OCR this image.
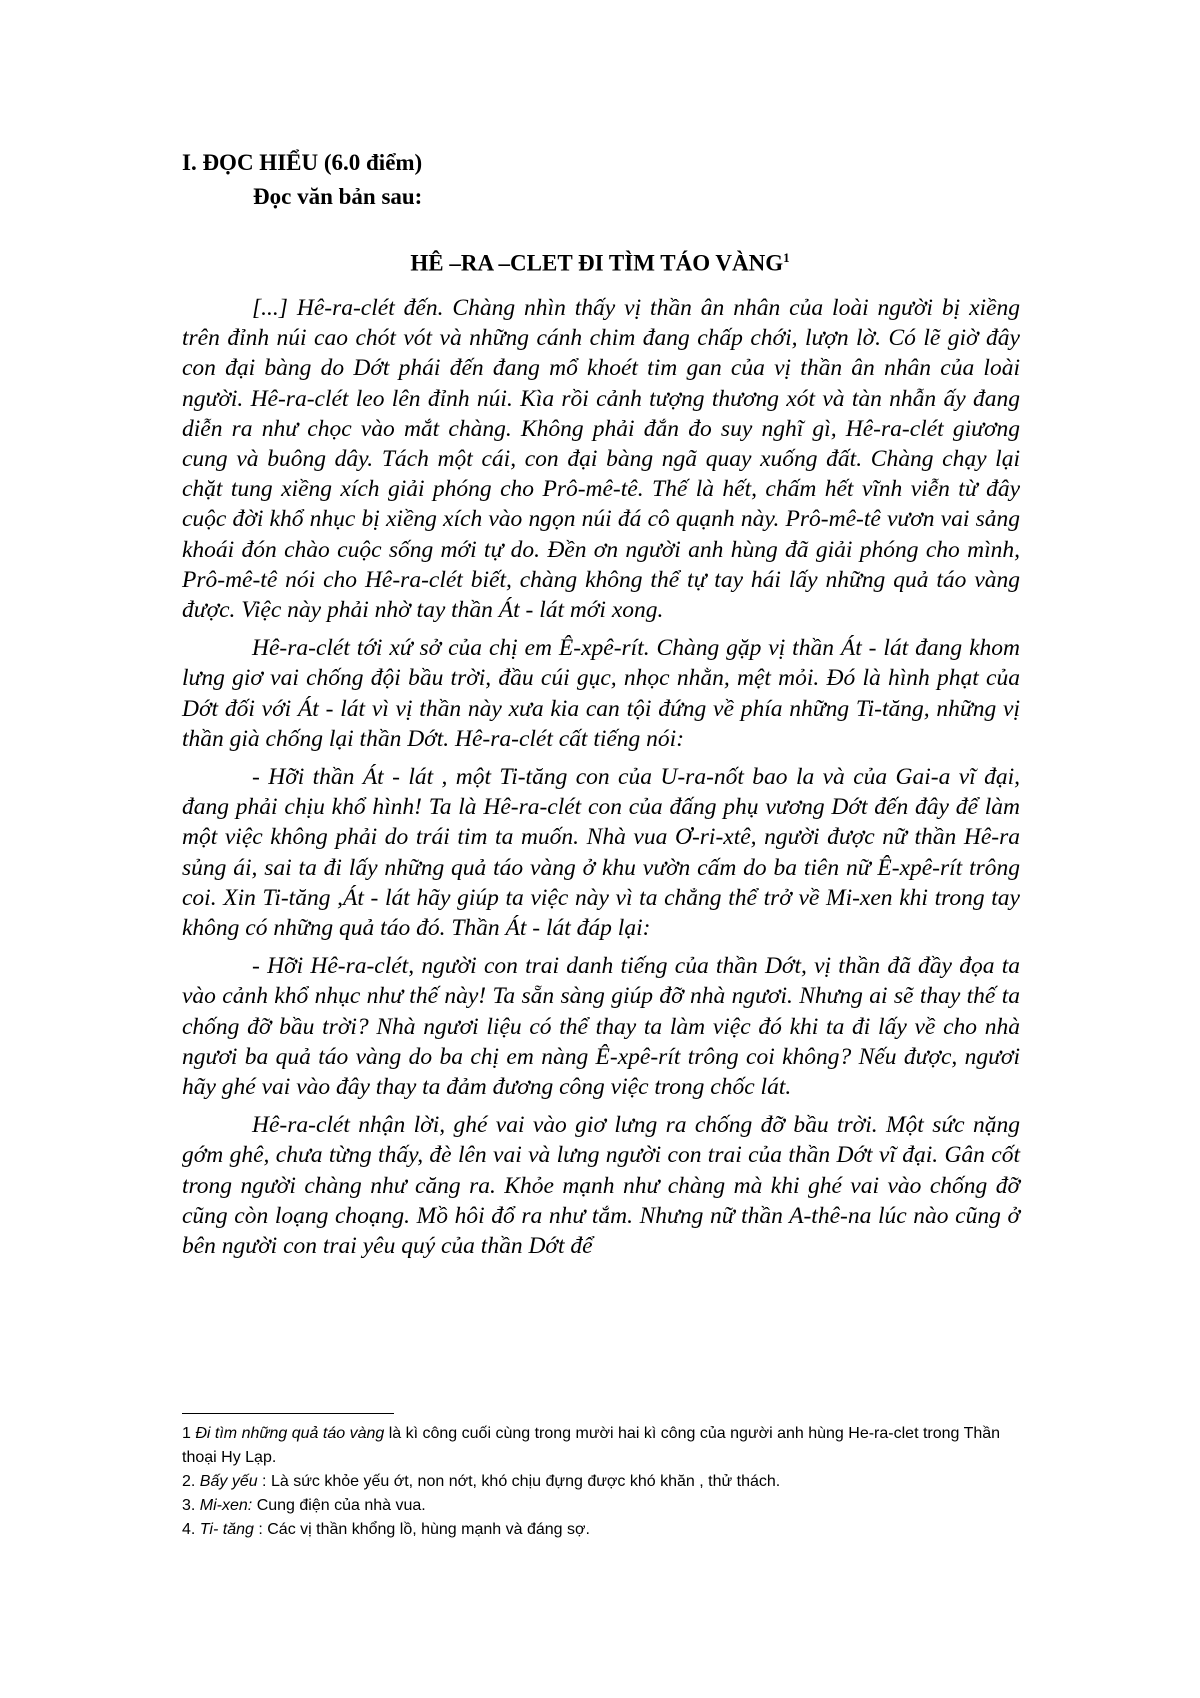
I. ĐỌC HIỂU (6.0 điểm)
Đọc văn bản sau:
HÊ –RA –CLET ĐI TÌM TÁO VÀNG$^1$

[...] Hê-ra-clét đến. Chàng nhìn thấy vị thần ân nhân của loài người bị xiềng trên đỉnh núi cao chót vót và những cánh chim đang chấp chới, lượn lờ. Có lẽ giờ đây con đại bàng do Dớt phái đến đang mổ khoét tim gan của vị thần ân nhân của loài người. Hê-ra-clét leo lên đỉnh núi. Kìa rồi cảnh tượng thương xót và tàn nhẫn ấy đang diễn ra như chọc vào mắt chàng. Không phải đắn đo suy nghĩ gì, Hê-ra-clét giương cung và buông dây. Tách một cái, con đại bàng ngã quay xuống đất. Chàng chạy lại chặt tung xiềng xích giải phóng cho Prô-mê-tê. Thế là hết, chấm hết vĩnh viễn từ đây cuộc đời khổ nhục bị xiềng xích vào ngọn núi đá cô quạnh này. Prô-mê-tê vươn vai sảng khoái đón chào cuộc sống mới tự do. Đền ơn người anh hùng đã giải phóng cho mình, Prô-mê-tê nói cho Hê-ra-clét biết, chàng không thể tự tay hái lấy những quả táo vàng được. Việc này phải nhờ tay thần Át - lát mới xong.

Hê-ra-clét tới xứ sở của chị em Ê-xpê-rít. Chàng gặp vị thần Át - lát đang khom lưng giơ vai chống đội bầu trời, đầu cúi gục, nhọc nhằn, mệt mỏi. Đó là hình phạt của Dớt đối với Át - lát vì vị thần này xưa kia can tội đứng về phía những Ti-tăng, những vị thần già chống lại thần Dớt. Hê-ra-clét cất tiếng nói:

- Hỡi thần Át - lát , một Ti-tăng con của U-ra-nốt bao la và của Gai-a vĩ đại, đang phải chịu khổ hình! Ta là Hê-ra-clét con của đấng phụ vương Dớt đến đây để làm một việc không phải do trái tim ta muốn. Nhà vua Ơ-ri-xtê, người được nữ thần Hê-ra sủng ái, sai ta đi lấy những quả táo vàng ở khu vườn cấm do ba tiên nữ Ê-xpê-rít trông coi. Xin Ti-tăng ,Át - lát hãy giúp ta việc này vì ta chẳng thể trở về Mi-xen khi trong tay không có những quả táo đó. Thần Át - lát đáp lại:

- Hỡi Hê-ra-clét, người con trai danh tiếng của thần Dớt, vị thần đã đầy đọa ta vào cảnh khổ nhục như thế này! Ta sẵn sàng giúp đỡ nhà ngươi. Nhưng ai sẽ thay thế ta chống đỡ bầu trời? Nhà ngươi liệu có thể thay ta làm việc đó khi ta đi lấy về cho nhà ngươi ba quả táo vàng do ba chị em nàng Ê-xpê-rít trông coi không? Nếu được, ngươi hãy ghé vai vào đây thay ta đảm đương công việc trong chốc lát.

Hê-ra-clét nhận lời, ghé vai vào giơ lưng ra chống đỡ bầu trời. Một sức nặng gớm ghê, chưa từng thấy, đè lên vai và lưng người con trai của thần Dớt vĩ đại. Gân cốt trong người chàng như căng ra. Khỏe mạnh như chàng mà khi ghé vai vào chống đỡ cũng còn loạng choạng. Mồ hôi đổ ra như tắm. Nhưng nữ thần A-thê-na lúc nào cũng ở bên người con trai yêu quý của thần Dớt để

1 Đi tìm những quả táo vàng là kì công cuối cùng trong mười hai kì công của người anh hùng He-ra-clet trong Thần thoại Hy Lạp.

2. Bấy yếu : Là sức khỏe yếu ớt, non nớt, khó chịu đựng được khó khăn , thử thách.

3. Mi-xen: Cung điện của nhà vua.

4. Ti- tăng : Các vị thần khổng lồ, hùng mạnh và đáng sợ.
